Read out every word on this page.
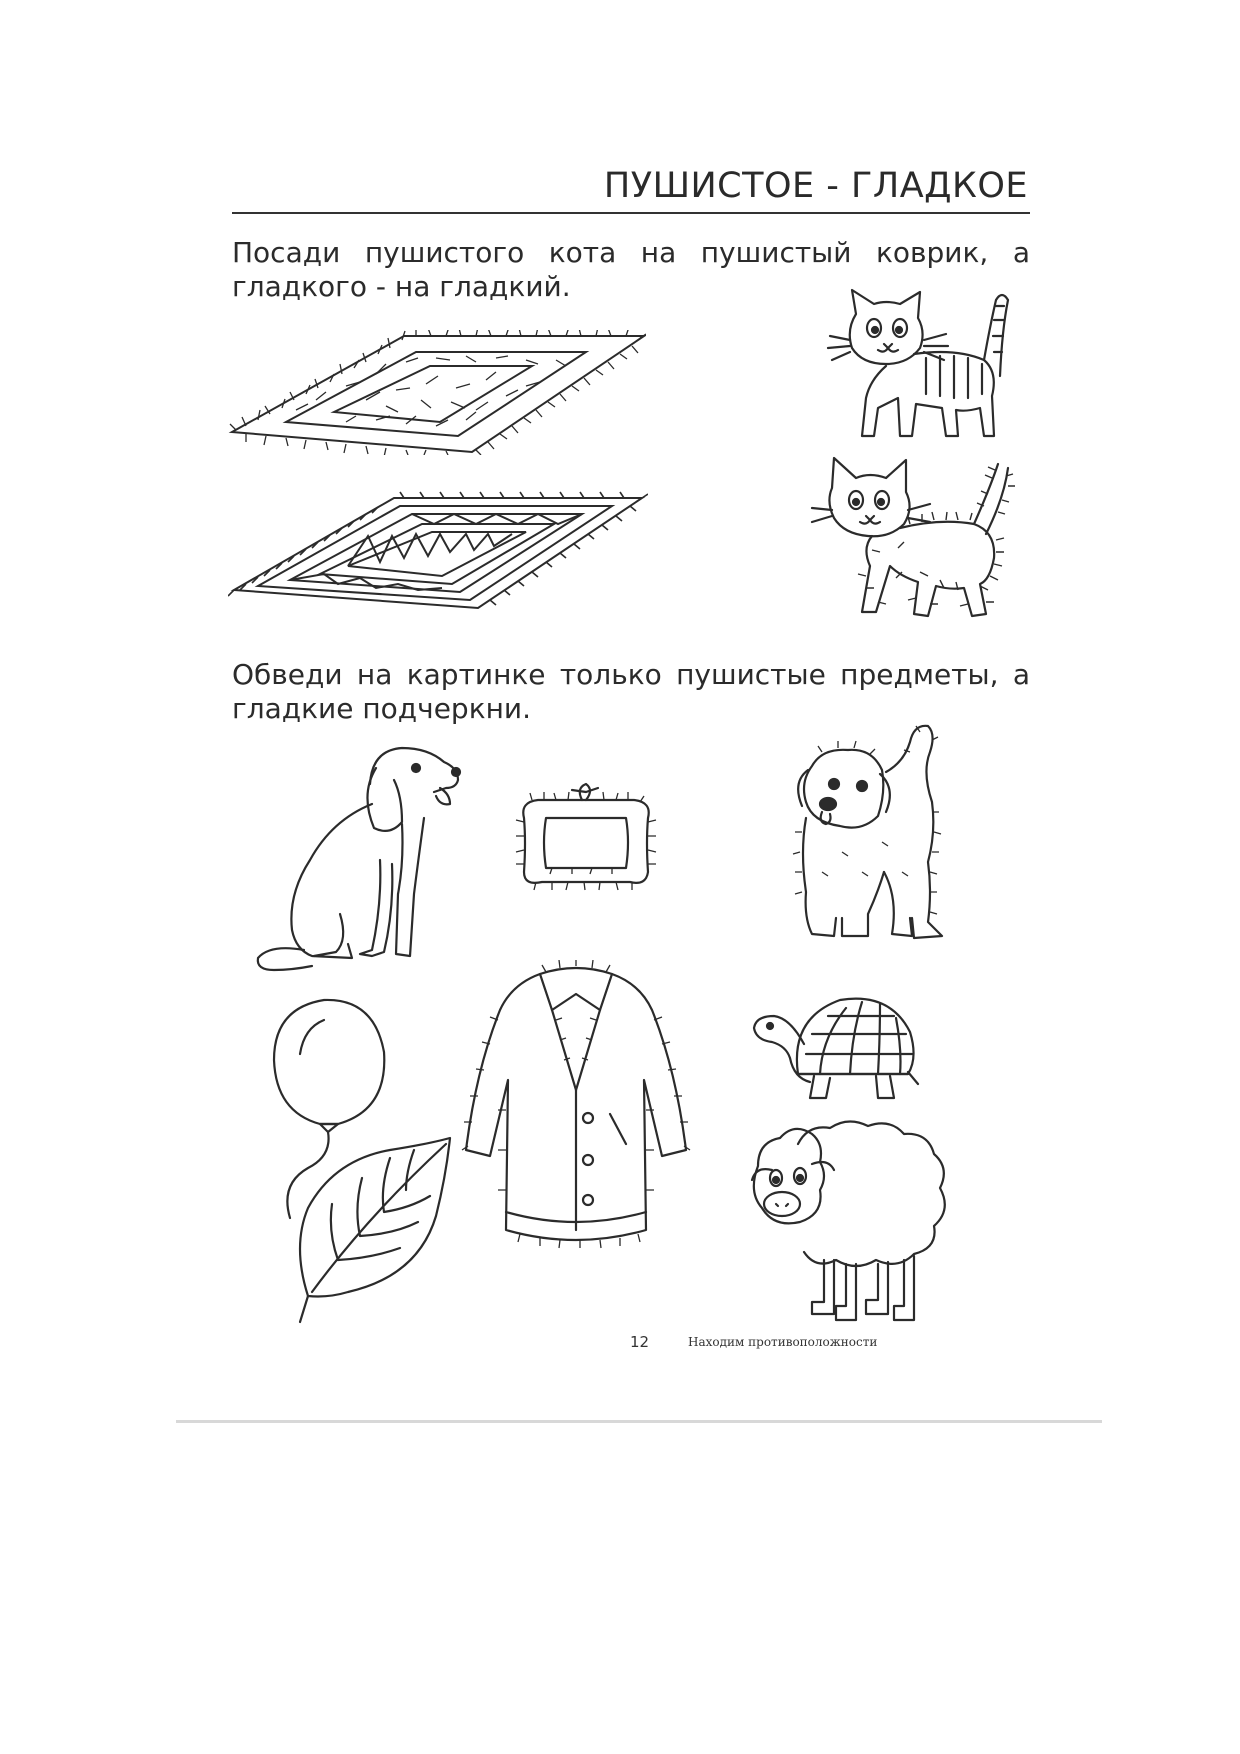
ПУШИСТОЕ - ГЛАДКОЕ
Посади пушистого кота на пушистый коврик, а гладкого - на гладкий.
Обведи на картинке только пушистые предметы, а гладкие подчеркни.
12	Находим противоположности
